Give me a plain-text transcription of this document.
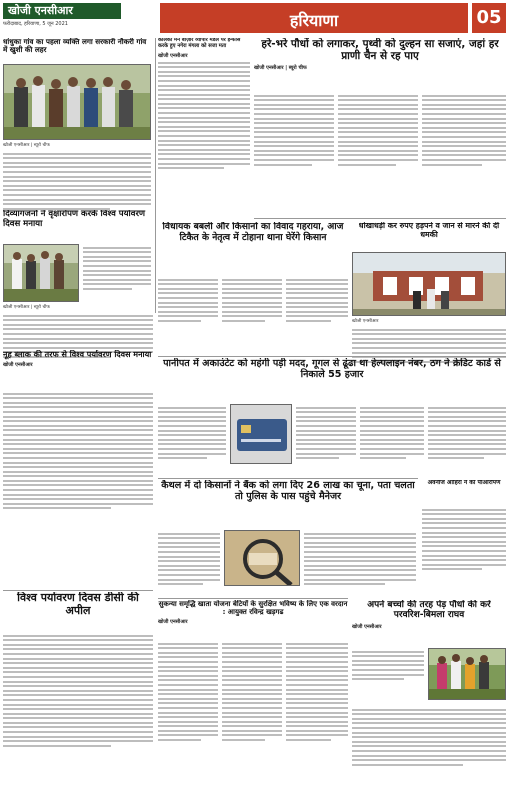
खोजी एनसीआर
फरीदाबाद, हरियाणा, 5 जून 2021	हरियाणा	05
धांधुका गांव का पहला व्यक्ति लगा सरकारी नौकरी गांव में खुशी की लहर
खोजी एनसीआर | ब्यूरो चीफ
कालका मेन बाज़ार व्यापार मंडल पर इन्फोर्स करके हुए नगेरा मंगला को सजा मता
खोजी एनसीआर
हरे-भरे पौधों को लगाकर, पृथ्वी को दुल्हन सा सजाएं, जहां हर प्राणी चैन से रह पाए
खोजी एनसीआर | ब्यूरो चीफ
दिव्यांगजनों ने वृक्षारोपण करके विश्व पर्यावरण दिवस मनाया
खोजी एनसीआर | ब्यूरो चीफ
विधायक बबली और किसानों का विवाद गहराया, आज टिकैत के नेतृत्व में टोहाना थाना घेरेंगे किसान
धोखाधड़ी कर रुपए हड़पने व जान से मारने की दी धमकी
खोजी एनसीआर
नूह ब्लाक की तरफ से विश्व पर्यावरण दिवस मनाया
खोजी एनसीआर	पानीपत में अकाउंटेट को महंगी पड़ी मदद, गूगल से ढूंढा था हेल्पलाइन नंबर, ठग ने क्रेडिट कार्ड से निकाले 55 हजार
कैथल में दो किसानों ने बैंक को लगा दिए 26 लाख का चूना, पता चलता तो पुलिस के पास पहुंचे मैनेजर
अवनींज आहिरा ने की पीआरोपण
विश्व पर्यावरण दिवस डीसी की अपील	सुकन्या समृद्धि खाता योजना बेटियों के सुरक्षित भविष्य के लिए एक वरदान : आयुक्त रविन्द्र खड़गढ
खोजी एनसीआर
अपने बच्चों की तरह पेड़ पौधों की करें परवरिश-बिमला राघव
खोजी एनसीआर
